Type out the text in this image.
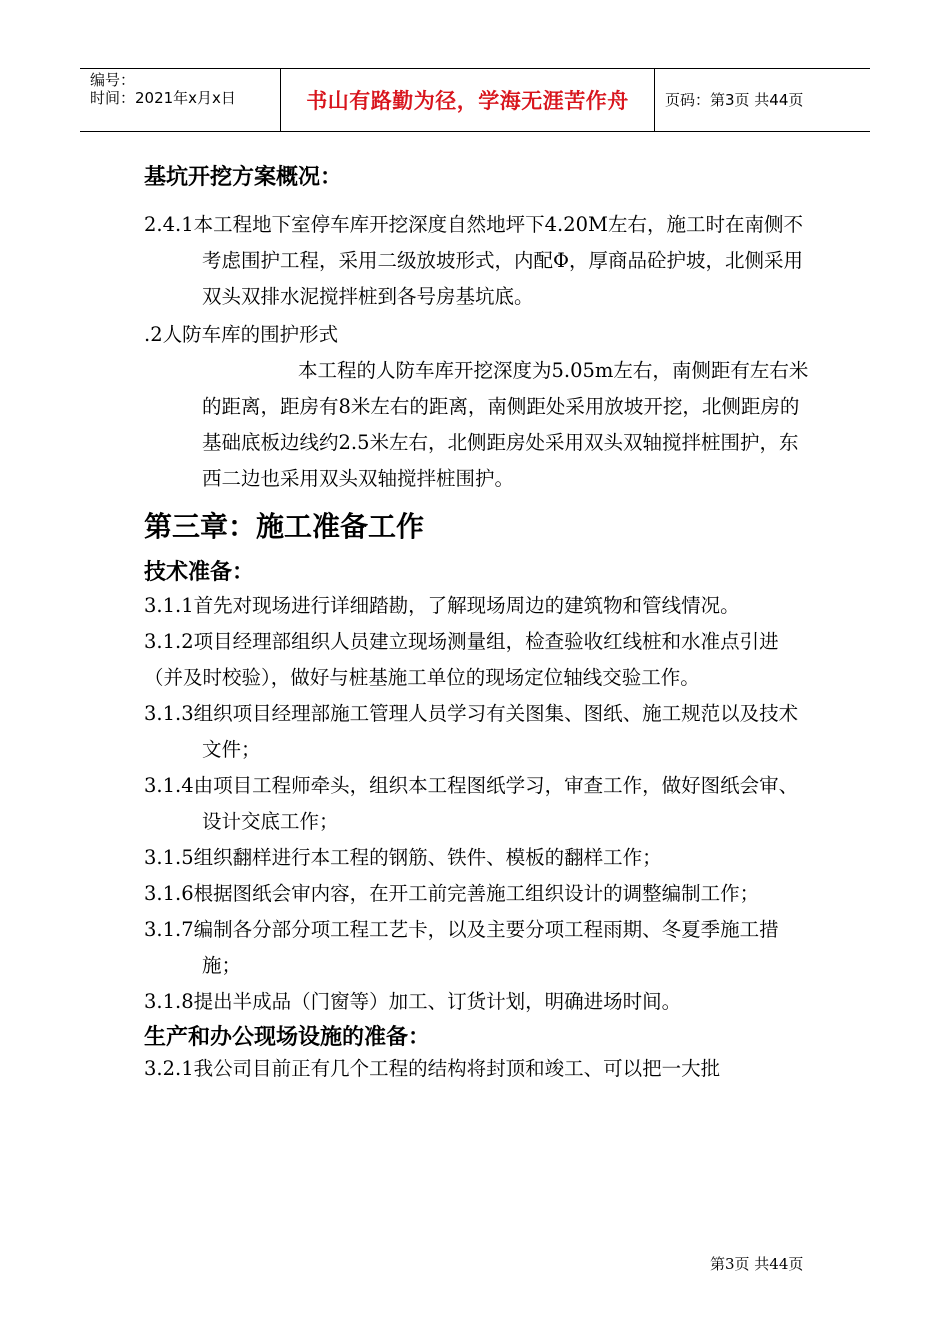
编号：
时间：2021年x月x日	书山有路勤为径，学海无涯苦作舟 页码：第3页 共44页
基坑开挖方案概况：

2.4.1本工程地下室停车库开挖深度自然地坪下4.20M左右，施工时在南侧不考虑围护工程，采用二级放坡形式，内配Φ，厚商品砼护坡，北侧采用双头双排水泥搅拌桩到各号房基坑底。

.2人防车库的围护形式

本工程的人防车库开挖深度为5.05m左右，南侧距有左右米的距离，距房有8米左右的距离，南侧距处采用放坡开挖，北侧距房的基础底板边线约2.5米左右，北侧距房处采用双头双轴搅拌桩围护，东西二边也采用双头双轴搅拌桩围护。

第三章：施工准备工作
技术准备：

3.1.1首先对现场进行详细踏勘，了解现场周边的建筑物和管线情况。

3.1.2项目经理部组织人员建立现场测量组，检查验收红线桩和水准点引进（并及时校验），做好与桩基施工单位的现场定位轴线交验工作。

3.1.3组织项目经理部施工管理人员学习有关图集、图纸、施工规范以及技术文件；

3.1.4由项目工程师牵头，组织本工程图纸学习，审查工作，做好图纸会审、设计交底工作；

3.1.5组织翻样进行本工程的钢筋、铁件、模板的翻样工作；

3.1.6根据图纸会审内容，在开工前完善施工组织设计的调整编制工作；

3.1.7编制各分部分项工程工艺卡，以及主要分项工程雨期、冬夏季施工措施；

3.1.8提出半成品（门窗等）加工、订货计划，明确进场时间。

生产和办公现场设施的准备：

3.2.1我公司目前正有几个工程的结构将封顶和竣工、可以把一大批

第3页 共44页
